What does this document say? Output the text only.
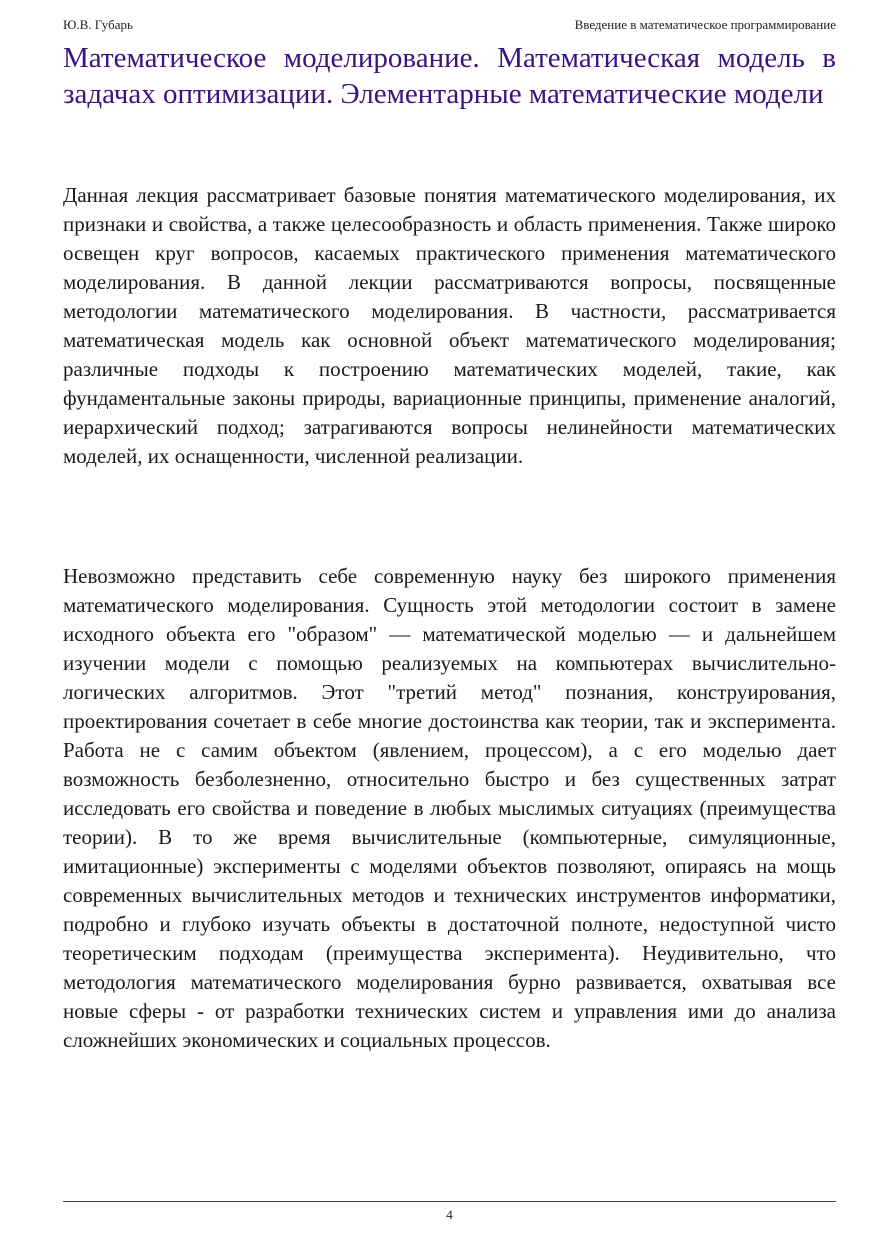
Ю.В. Губарь	Введение в математическое программирование
Математическое моделирование. Математическая модель в задачах оптимизации. Элементарные математические модели

Данная лекция рассматривает базовые понятия математического моделирования, их признаки и свойства, а также целесообразность и область применения. Также широко освещен круг вопросов, касаемых практического применения математического моделирования. В данной лекции рассматриваются вопросы, посвященные методологии математического моделирования. В частности, рассматривается математическая модель как основной объект математического моделирования; различные подходы к построению математических моделей, такие, как фундаментальные законы природы, вариационные принципы, применение аналогий, иерархический подход; затрагиваются вопросы нелинейности математических моделей, их оснащенности, численной реализации.

Невозможно представить себе современную науку без широкого применения математического моделирования. Сущность этой методологии состоит в замене исходного объекта его "образом" — математической моделью — и дальнейшем изучении модели с помощью реализуемых на компьютерах вычислительно-логических алгоритмов. Этот "третий метод" познания, конструирования, проектирования сочетает в себе многие достоинства как теории, так и эксперимента. Работа не с самим объектом (явлением, процессом), а с его моделью дает возможность безболезненно, относительно быстро и без существенных затрат исследовать его свойства и поведение в любых мыслимых ситуациях (преимущества теории). В то же время вычислительные (компьютерные, симуляционные, имитационные) эксперименты с моделями объектов позволяют, опираясь на мощь современных вычислительных методов и технических инструментов информатики, подробно и глубоко изучать объекты в достаточной полноте, недоступной чисто теоретическим подходам (преимущества эксперимента). Неудивительно, что методология математического моделирования бурно развивается, охватывая все новые сферы - от разработки технических систем и управления ими до анализа сложнейших экономических и социальных процессов.

4
